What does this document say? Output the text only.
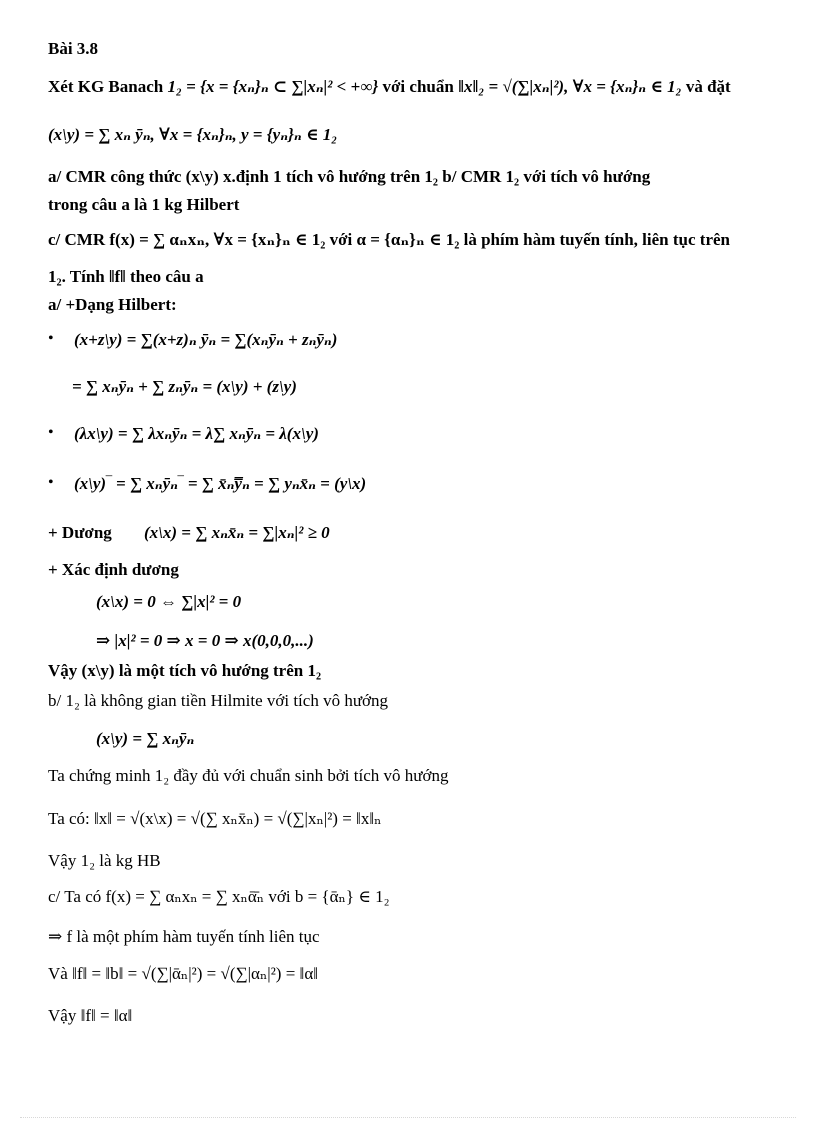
Bài 3.8
Xét KG Banach 1₂ = {x = {xₙ}ₙ ⊂ ∑|xₙ|² < +∞} với chuẩn ‖x‖₂ = √(∑|xₙ|²), ∀x = {xₙ}ₙ ∈ 1₂ và đặt
(x\y) = ∑ xₙ ȳₙ, ∀x = {xₙ}ₙ, y = {yₙ}ₙ ∈ 1₂
a/ CMR công thức (x\y) x.định 1 tích vô hướng trên 1₂ b/ CMR 1₂ với tích vô hướng
trong câu a là 1 kg Hilbert
c/ CMR f(x) = ∑ αₙxₙ, ∀x = {xₙ}ₙ ∈ 1₂ với α = {αₙ}ₙ ∈ 1₂ là phím hàm tuyến tính, liên tục trên
1₂. Tính ‖f‖ theo câu a
a/ +Dạng Hilbert:
• (x+z\y) = ∑(x+z)ₙ ȳₙ = ∑(xₙȳₙ + zₙȳₙ)
= ∑ xₙȳₙ + ∑ zₙȳₙ = (x\y) + (z\y)
• (λx\y) = ∑ λxₙȳₙ = λ∑ xₙȳₙ = λ(x\y)
• (x\y)‾ = ∑ xₙȳₙ‾ = ∑ x̄ₙy̿ₙ = ∑ yₙx̄ₙ = (y\x)
+ Dương (x\x) = ∑ xₙx̄ₙ = ∑|xₙ|² ≥ 0
+ Xác định dương
(x\x) = 0 ⇔ ∑|x|² = 0
⇒ |x|² = 0 ⇒ x = 0 ⇒ x(0,0,0,...)
Vậy (x\y) là một tích vô hướng trên 1₂
b/ 1₂ là không gian tiền Hilmite với tích vô hướng
(x\y) = ∑ xₙȳₙ
Ta chứng minh 1₂ đầy đủ với chuẩn sinh bởi tích vô hướng
Ta có: ‖x‖ = √(x\x) = √(∑ xₙx̄ₙ) = √(∑|xₙ|²) = ‖x‖ₙ
Vậy 1₂ là kg HB
c/ Ta có f(x) = ∑ αₙxₙ = ∑ xₙᾱ̄ₙ với b = {ᾱₙ} ∈ 1₂
⇒ f là một phím hàm tuyến tính liên tục
Và ‖f‖ = ‖b‖ = √(∑|ᾱₙ|²) = √(∑|αₙ|²) = ‖α‖
Vậy ‖f‖ = ‖α‖
